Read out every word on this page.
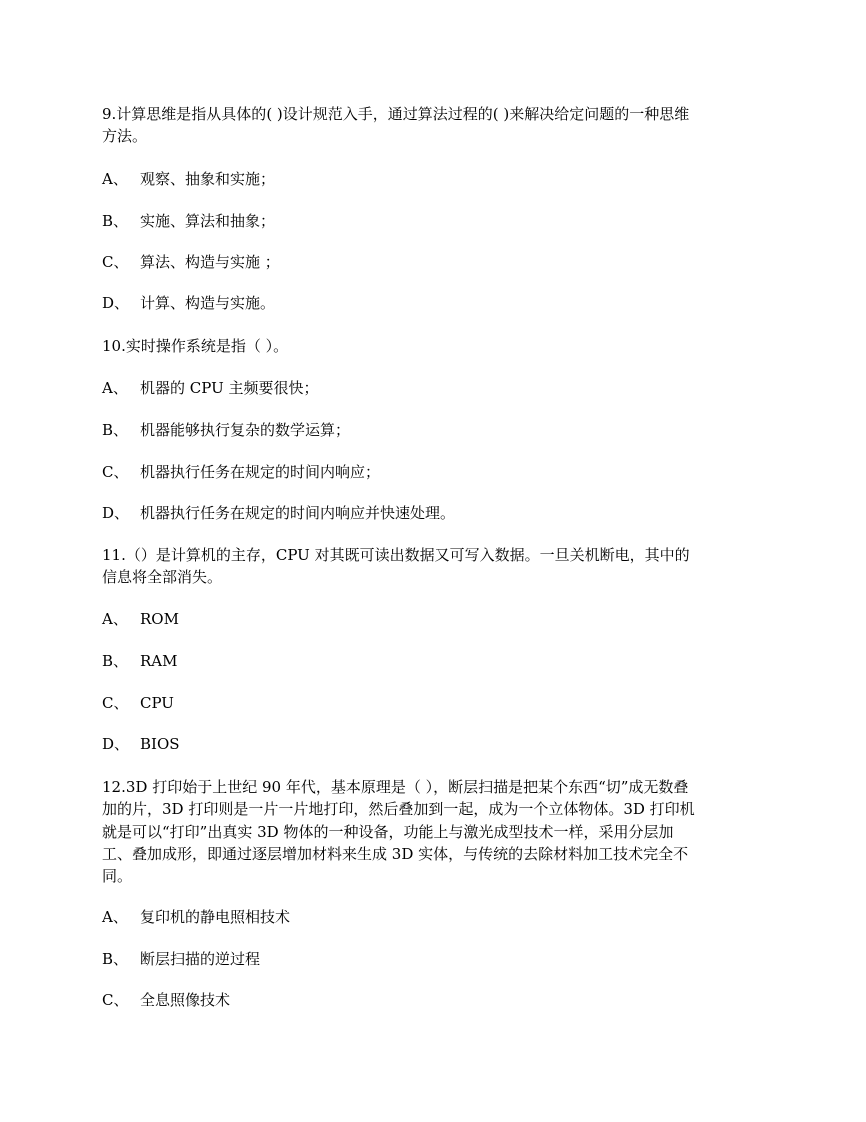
9.计算思维是指从具体的( )设计规范入手，通过算法过程的( )来解决给定问题的一种思维
方法。
A、 观察、抽象和实施；
B、 实施、算法和抽象；
C、 算法、构造与实施 ；
D、 计算、构造与实施。
10.实时操作系统是指（ ）。
A、 机器的 CPU 主频要很快；
B、 机器能够执行复杂的数学运算；
C、 机器执行任务在规定的时间内响应；
D、 机器执行任务在规定的时间内响应并快速处理。
11.（）是计算机的主存，CPU 对其既可读出数据又可写入数据。一旦关机断电，其中的
信息将全部消失。
A、 ROM
B、 RAM
C、 CPU
D、 BIOS
12.3D 打印始于上世纪 90 年代，基本原理是（ ），断层扫描是把某个东西“切”成无数叠
加的片，3D 打印则是一片一片地打印，然后叠加到一起，成为一个立体物体。3D 打印机
就是可以“打印”出真实 3D 物体的一种设备，功能上与激光成型技术一样，采用分层加
工、叠加成形，即通过逐层增加材料来生成 3D 实体，与传统的去除材料加工技术完全不
同。
A、 复印机的静电照相技术
B、 断层扫描的逆过程
C、 全息照像技术
